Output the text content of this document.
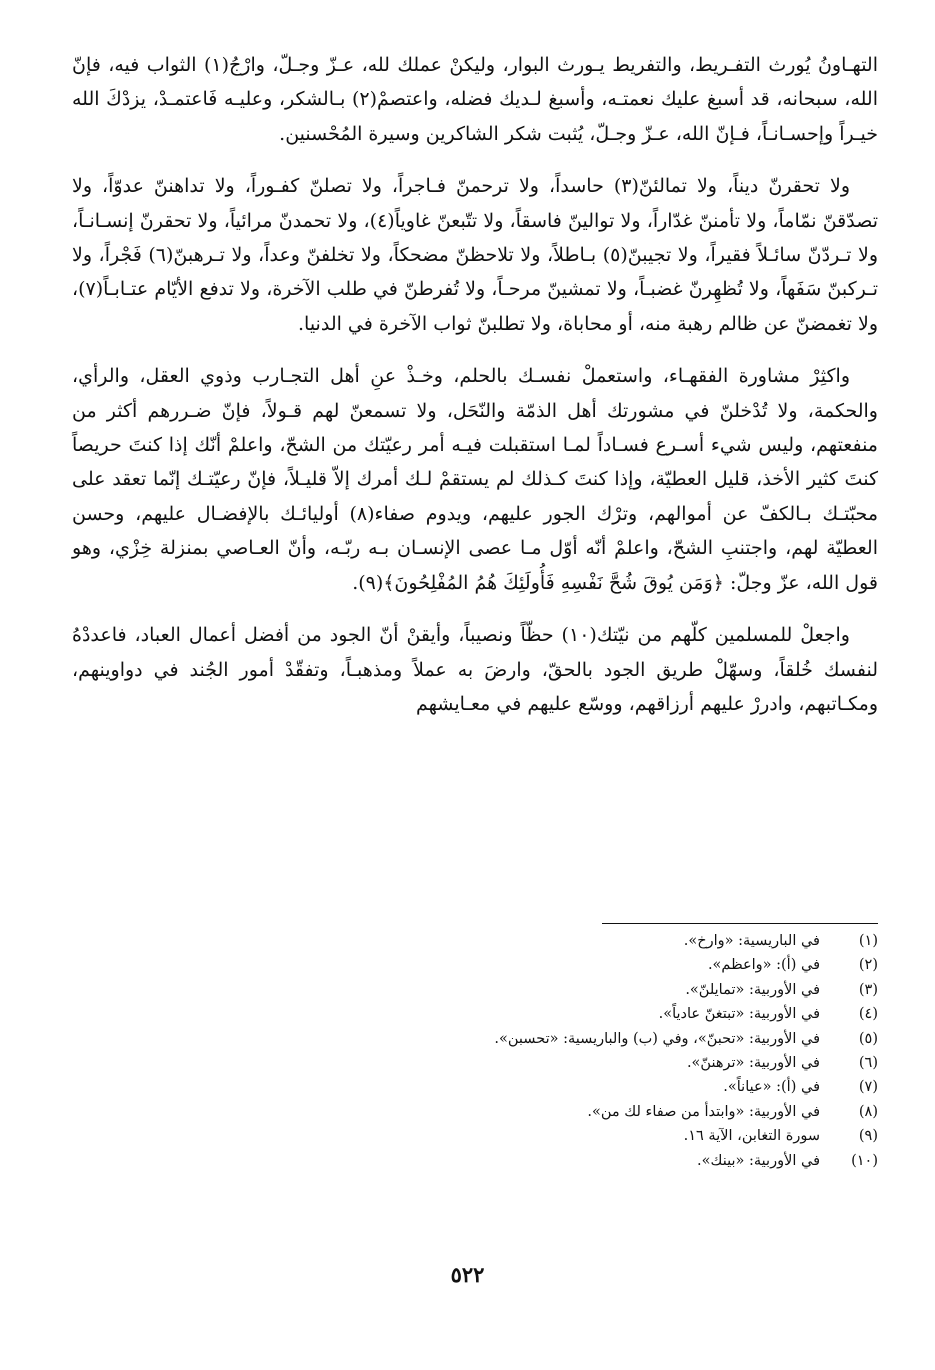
التهـاونُ يُورث التفـريط، والتفريط يـورث البوار، وليكنْ عملك لله، عـزّ وجـلّ، وارْجُ(١) الثواب فيه، فإنّ الله، سبحانه، قد أسبغ عليك نعمتـه، وأسبغ لـديك فضله، واعتصمْ(٢) بـالشكر، وعليـه فَاعتمـدْ، يزدْكَ الله خيـراً وإحسـانـاً، فـإنّ الله، عـزّ وجـلّ، يُثبت شكر الشاكرين وسيرة المُحْسنين.

ولا تحقرنّ ديناً، ولا تمالئنّ(٣) حاسداً، ولا ترحمنّ فـاجراً، ولا تصلنّ كفـوراً، ولا تداهننّ عدوّاً، ولا تصدّقنّ نمّاماً، ولا تأمننّ غدّاراً، ولا توالينّ فاسقاً، ولا تتّبعنّ غاوياً(٤)، ولا تحمدنّ مرائياً، ولا تحقرنّ إنسـانـاً، ولا تـردّنّ سائـلاً فقيراً، ولا تجيبنّ(٥) بـاطلاً، ولا تلاحظنّ مضحكاً، ولا تخلفنّ وعداً، ولا تـرهبنّ(٦) فَجْراً، ولا تـركبنّ سَفَهاً، ولا تُظهِرنّ غضبـاً، ولا تمشينّ مرحـاً، ولا تُفرطنّ في طلب الآخرة، ولا تدفع الأيّام عتـابـاً(٧)، ولا تغمضنّ عن ظالم رهبة منه، أو محاباة، ولا تطلبنّ ثواب الآخرة في الدنيا.

واكثِرْ مشاورة الفقهـاء، واستعملْ نفسـك بالحلم، وخـذْ عنِ أهل التجـارب وذوي العقل، والرأي، والحكمة، ولا تُدْخلنّ في مشورتك أهل الذمّة والنّحَل، ولا تسمعنّ لهم قـولاً، فإنّ ضـررهم أكثر من منفعتهم، وليس شيء أسـرع فسـاداً لمـا استقبلت فيـه أمر رعيّتك من الشحّ، واعلمْ أنّك إذا كنتَ حريصاً كنتَ كثير الأخذ، قليل العطيّة، وإذا كنتَ كـذلك لم يستقمْ لـك أمرك إلاّ قليـلاً، فإنّ رعيّتـك إنّما تعقد على محبّتـك بـالكفّ عن أموالهم، وترْك الجور عليهم، ويدوم صفاء(٨) أوليائـك بالإفضـال عليهم، وحسن العطيّة لهم، واجتنبِ الشحّ، واعلمْ أنّه أوّل مـا عصى الإنسـان بـه ربّـه، وأنّ العـاصي بمنزلة خِزْي، وهو قول الله، عزّ وجلّ: ﴿وَمَن يُوقَ شُحَّ نَفْسِهِ فَأُولَئِكَ هُمُ المُفْلِحُونَ﴾(٩).

واجعلْ للمسلمين كلّهم من نيّتك(١٠) حظّاً ونصيباً، وأيقنْ أنّ الجود من أفضل أعمال العباد، فاعددْهُ لنفسك خُلقاً، وسهّلْ طريق الجود بالحقّ، وارضَ به عملاً ومذهبـاً، وتفقّدْ أمور الجُند في دواوينهم، ومكـاتبهم، وادررْ عليهم أرزاقهم، ووسّع عليهم في معـايشهم

(١)
في الباريسية: «وارخ».
(٢)
في (أ): «واعظم».
(٣)
في الأوربية: «تمايلنّ».
(٤)
في الأوربية: «تبتغنّ عادياً».
(٥)
في الأوربية: «تحبنّ»، وفي (ب) والباريسية: «تحسبن».
(٦)
في الأوربية: «ترهننّ».
(٧)
في (أ): «عياناً».
(٨)
في الأوربية: «وابتدأ من صفاء لك من».
(٩)
سورة التغابن، الآية ١٦.
(١٠)
في الأوربية: «بينك».
٥٢٢
